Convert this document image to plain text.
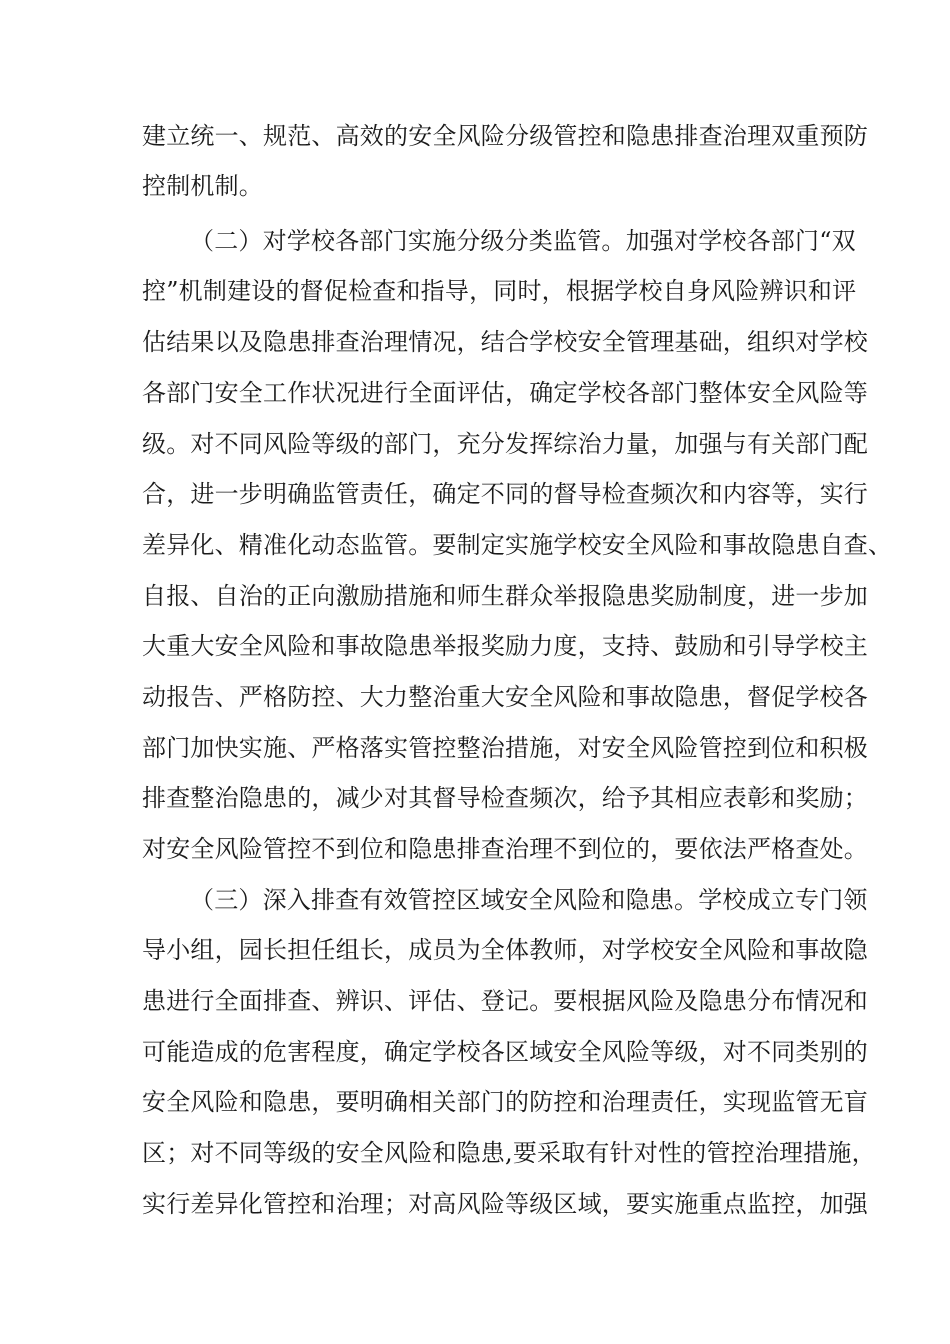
建立统一、规范、高效的安全风险分级管控和隐患排查治理双重预防
控制机制。
（二）对学校各部门实施分级分类监管。加强对学校各部门“双
控”机制建设的督促检查和指导，同时，根据学校自身风险辨识和评
估结果以及隐患排查治理情况，结合学校安全管理基础，组织对学校
各部门安全工作状况进行全面评估，确定学校各部门整体安全风险等
级。对不同风险等级的部门，充分发挥综治力量，加强与有关部门配
合，进一步明确监管责任，确定不同的督导检查频次和内容等，实行
差异化、精准化动态监管。要制定实施学校安全风险和事故隐患自查、
自报、自治的正向激励措施和师生群众举报隐患奖励制度，进一步加
大重大安全风险和事故隐患举报奖励力度，支持、鼓励和引导学校主
动报告、严格防控、大力整治重大安全风险和事故隐患，督促学校各
部门加快实施、严格落实管控整治措施，对安全风险管控到位和积极
排查整治隐患的，减少对其督导检查频次，给予其相应表彰和奖励；
对安全风险管控不到位和隐患排查治理不到位的，要依法严格查处。
（三）深入排查有效管控区域安全风险和隐患。学校成立专门领
导小组，园长担任组长，成员为全体教师，对学校安全风险和事故隐
患进行全面排查、辨识、评估、登记。要根据风险及隐患分布情况和
可能造成的危害程度，确定学校各区域安全风险等级，对不同类别的
安全风险和隐患，要明确相关部门的防控和治理责任，实现监管无盲
区；对不同等级的安全风险和隐患,要采取有针对性的管控治理措施，
实行差异化管控和治理；对高风险等级区域，要实施重点监控，加强
